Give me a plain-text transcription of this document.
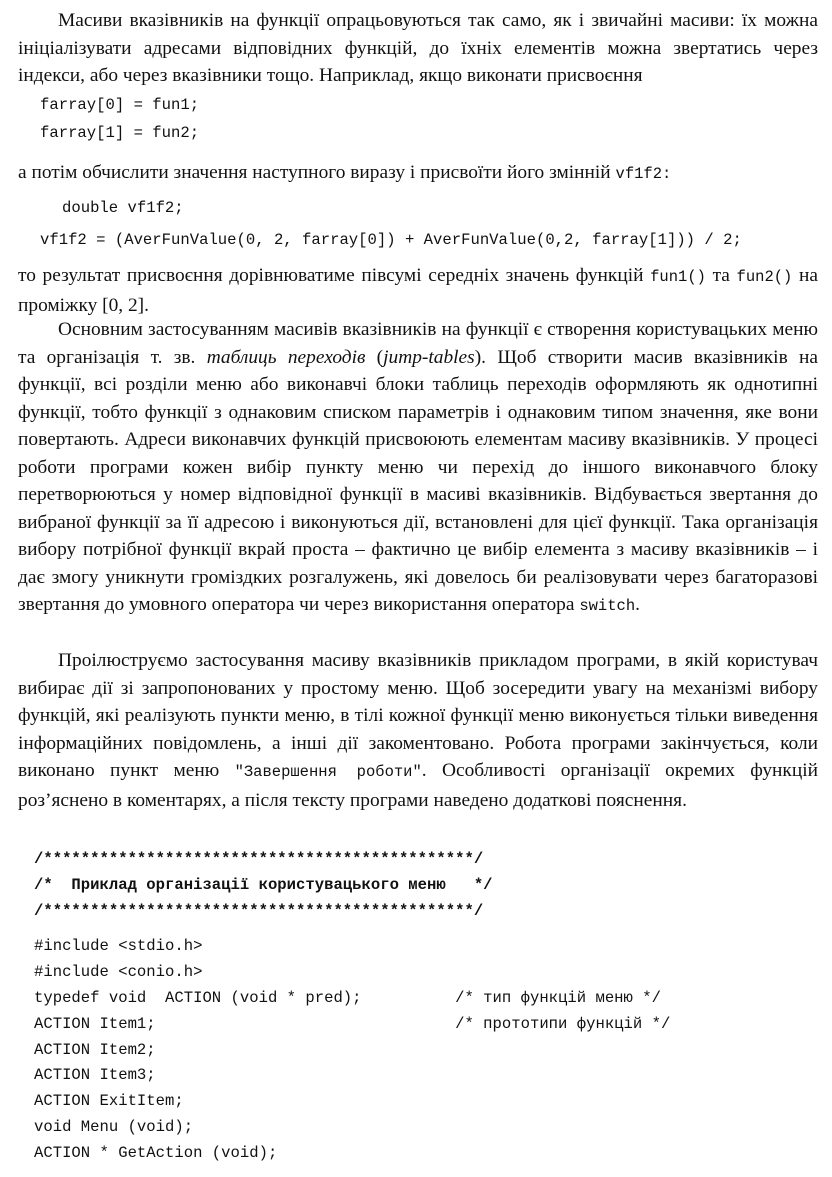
Масиви вказівників на функції опрацьовуються так само, як і звичайні масиви: їх можна ініціалізувати адресами відповідних функцій, до їхніх елементів можна звертатись через індекси, або через вказівники тощо. Наприклад, якщо виконати присвоєння

farray[0] = fun1;
farray[1] = fun2;

а потім обчислити значення наступного виразу і присвоїти його змінній vf1f2:

double vf1f2;
vf1f2 = (AverFunValue(0, 2, farray[0]) + AverFunValue(0,2, farray[1])) / 2;

то результат присвоєння дорівнюватиме півсумі середніх значень функцій fun1() та fun2() на проміжку [0, 2].

Основним застосуванням масивів вказівників на функції є створення користувацьких меню та організація т. зв. таблиць переходів (jump-tables). Щоб створити масив вказівників на функції, всі розділи меню або виконавчі блоки таблиць переходів оформляють як однотипні функції, тобто функції з однаковим списком параметрів і однаковим типом значення, яке вони повертають. Адреси виконавчих функцій присвоюють елементам масиву вказівників. У процесі роботи програми кожен вибір пункту меню чи перехід до іншого виконавчого блоку перетворюються у номер відповідної функції в масиві вказівників. Відбувається звертання до вибраної функції за її адресою і виконуються дії, встановлені для цієї функції. Така організація вибору потрібної функції вкрай проста – фактично це вибір елемента з масиву вказівників – і дає змогу уникнути громіздких розгалужень, які довелось би реалізовувати через багаторазові звертання до умовного оператора чи через використання оператора switch.

Проілюструємо застосування масиву вказівників прикладом програми, в якій користувач вибирає дії зі запропонованих у простому меню. Щоб зосередити увагу на механізмі вибору функцій, які реалізують пункти меню, в тілі кожної функції меню виконується тільки виведення інформаційних повідомлень, а інші дії закоментовано. Робота програми закінчується, коли виконано пункт меню "Завершення роботи". Особливості організації окремих функцій роз’яснено в коментарях, а після тексту програми наведено додаткові пояснення.

/**********************************************/
/*  Приклад організації користувацького меню   */
/**********************************************/
#include <stdio.h>
#include <conio.h>
typedef void  ACTION (void * pred);          /* тип функцій меню */
ACTION Item1;                                /* прототипи функцій */
ACTION Item2;
ACTION Item3;
ACTION ExitItem;
void Menu (void);
ACTION * GetAction (void);
